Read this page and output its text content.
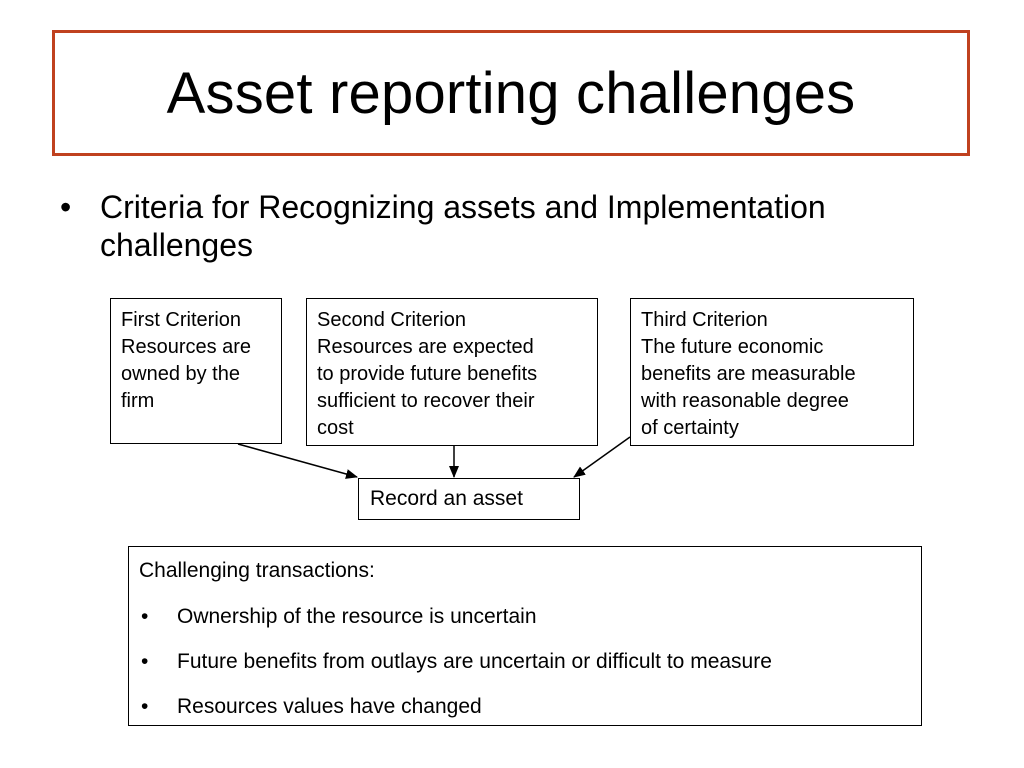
Asset reporting challenges
• Criteria for Recognizing assets and Implementation challenges
First Criterion
Resources are
owned by the
firm
Second Criterion
Resources are expected
to provide future benefits
sufficient to recover their
cost
Third Criterion
The future economic
benefits are measurable
with reasonable degree
of certainty
Record an asset
Challenging transactions:
•	Ownership of the resource is uncertain
•	Future benefits from outlays are uncertain or difficult to measure
•	Resources values have changed
